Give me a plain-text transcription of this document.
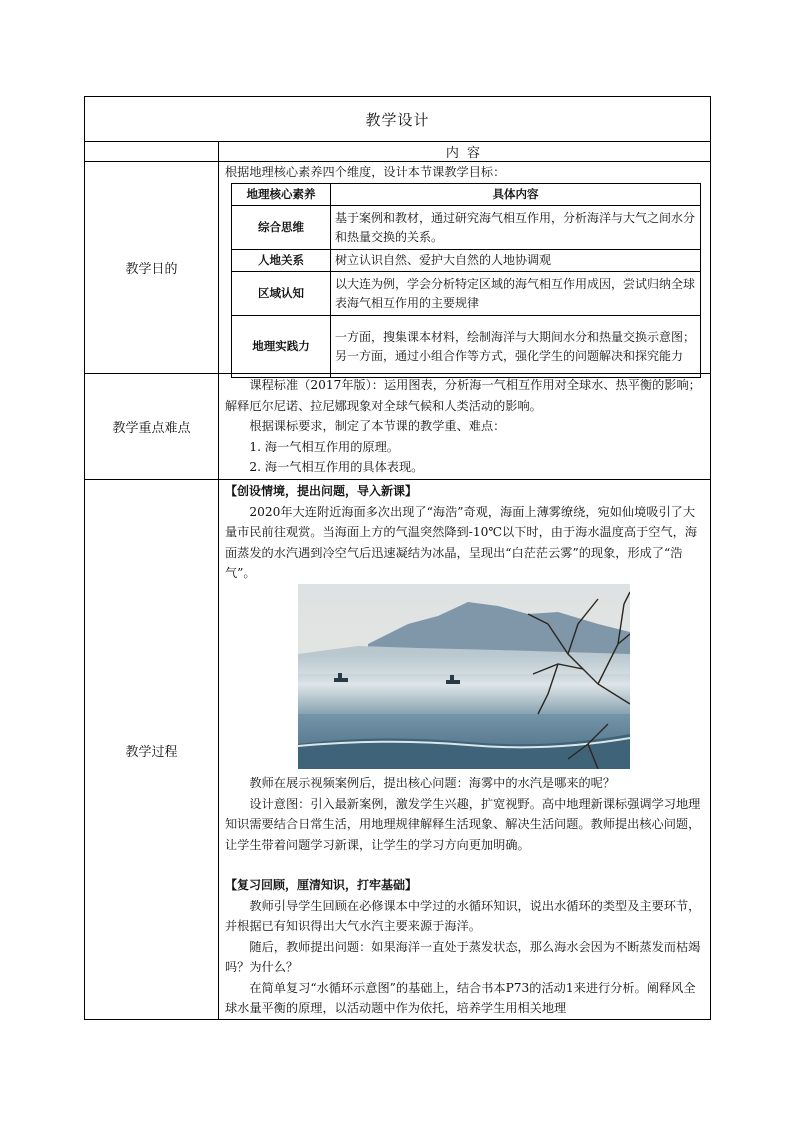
教学设计
内 容
教学日的

根据地理核心素养四个维度，设计本节课教学目标：

地理核心素养	具体内容
综合思维	基于案例和教材，通过研究海气相互作用，分析海洋与大气之间水分和热量交换的关系。
人地关系	树立认识自然、爱护大自然的人地协调观
区域认知	以大连为例，学会分析特定区域的海气相互作用成因，尝试归纳全球表海气相互作用的主要规律
地理实践力	一方面，搜集课本材料，绘制海洋与大期间水分和热量交换示意图；另一方面，通过小组合作等方式，强化学生的问题解决和探究能力
教学重点难点

课程标准（2017年版）：运用图表，分析海一气相互作用对全球水、热平衡的影响；解释厄尔尼诺、拉尼娜现象对全球气候和人类活动的影响。

根据课标要求，制定了本节课的教学重、难点：

1. 海一气相互作用的原理。

2. 海一气相互作用的具体表现。

教学过程

【创设情境，提出问题，导入新课】

2020年大连附近海面多次出现了“海浩”奇观，海面上薄雾缭绕，宛如仙境吸引了大量市民前往观赏。当海面上方的气温突然降到-10℃以下时，由于海水温度高于空气，海面蒸发的水汽遇到冷空气后迅速凝结为冰晶，呈现出“白茫茫云雾”的现象，形成了“浩气”。

教师在展示视频案例后，提出核心问题：海雾中的水汽是哪来的呢？

设计意图：引入最新案例，激发学生兴趣，扩宽视野。高中地理新课标强调学习地理知识需要结合日常生活，用地理规律解释生活现象、解决生活问题。教师提出核心问题，让学生带着问题学习新课，让学生的学习方向更加明确。

【复习回顾，厘清知识，打牢基础】

教师引导学生回顾在必修课本中学过的水循环知识，说出水循环的类型及主要环节，并根据已有知识得出大气水汽主要来源于海洋。

随后，教师提出问题：如果海洋一直处于蒸发状态，那么海水会因为不断蒸发而枯竭吗？为什么？

在简单复习“水循环示意图”的基础上，结合书本P73的活动1来进行分析。阐释风全球水量平衡的原理，以活动题中作为依托，培养学生用相关地理
